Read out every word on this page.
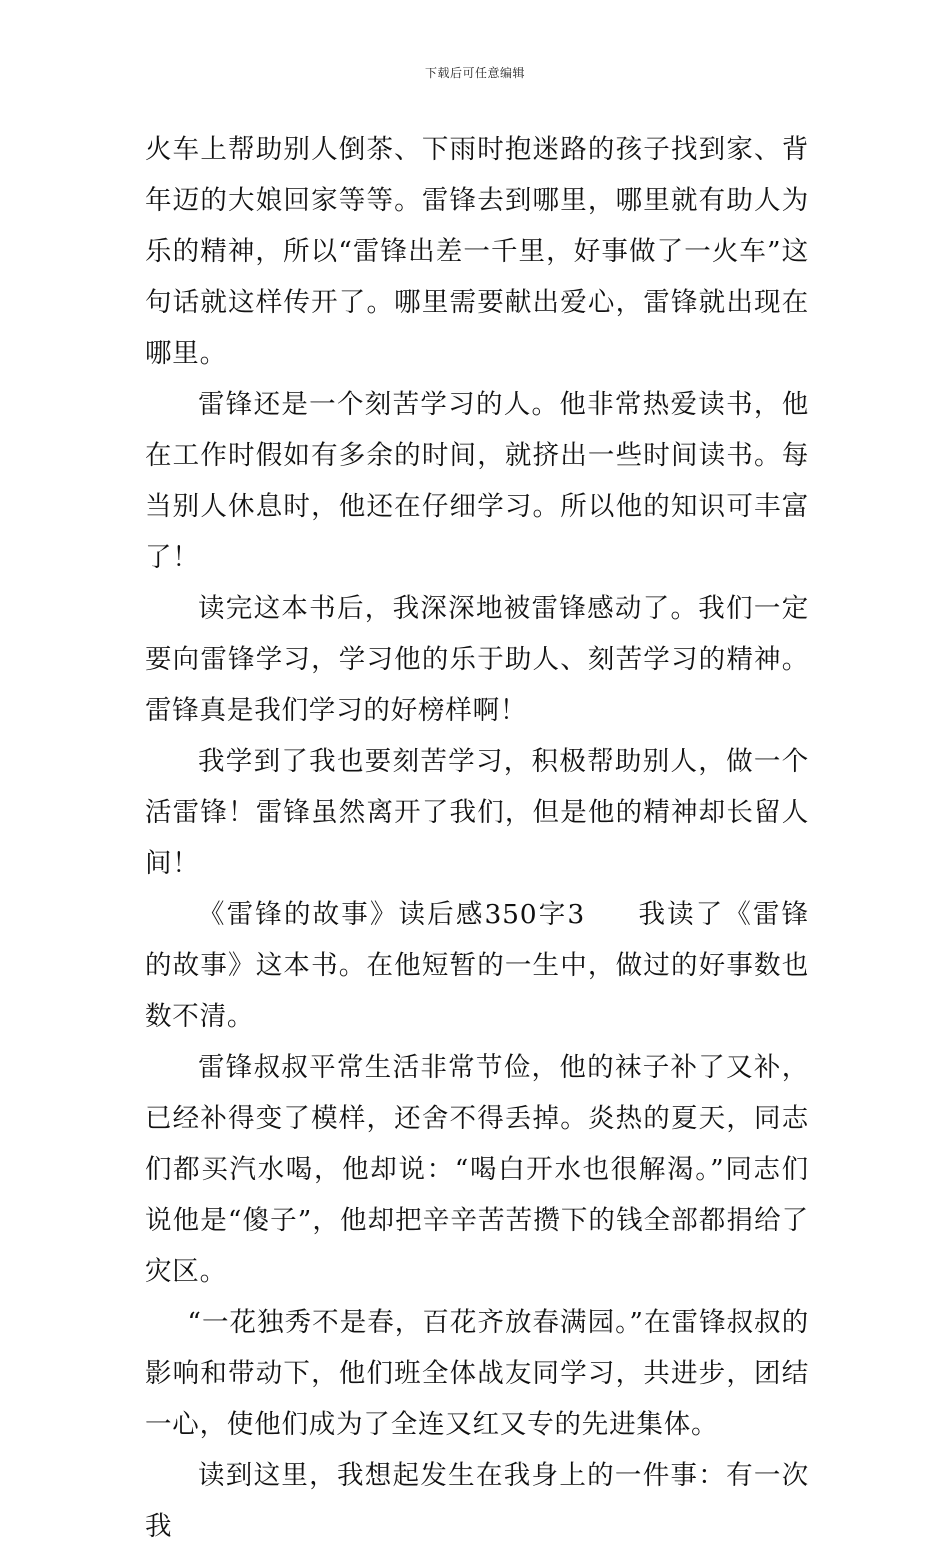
下载后可任意编辑

火车上帮助别人倒茶、下雨时抱迷路的孩子找到家、背年迈的大娘回家等等。雷锋去到哪里，哪里就有助人为乐的精神，所以“雷锋出差一千里，好事做了一火车”这句话就这样传开了。哪里需要献出爱心，雷锋就出现在哪里。

雷锋还是一个刻苦学习的人。他非常热爱读书，他在工作时假如有多余的时间，就挤出一些时间读书。每当别人休息时，他还在仔细学习。所以他的知识可丰富了！

读完这本书后，我深深地被雷锋感动了。我们一定要向雷锋学习，学习他的乐于助人、刻苦学习的精神。雷锋真是我们学习的好榜样啊！

我学到了我也要刻苦学习，积极帮助别人，做一个活雷锋！雷锋虽然离开了我们，但是他的精神却长留人间！

《雷锋的故事》读后感350字3 我读了《雷锋的故事》这本书。在他短暂的一生中，做过的好事数也数不清。

雷锋叔叔平常生活非常节俭，他的袜子补了又补，已经补得变了模样，还舍不得丢掉。炎热的夏天，同志们都买汽水喝，他却说：“喝白开水也很解渴。”同志们说他是“傻子”，他却把辛辛苦苦攒下的钱全部都捐给了灾区。

“一花独秀不是春，百花齐放春满园。”在雷锋叔叔的影响和带动下，他们班全体战友同学习，共进步，团结一心，使他们成为了全连又红又专的先进集体。

读到这里，我想起发生在我身上的一件事：有一次我
